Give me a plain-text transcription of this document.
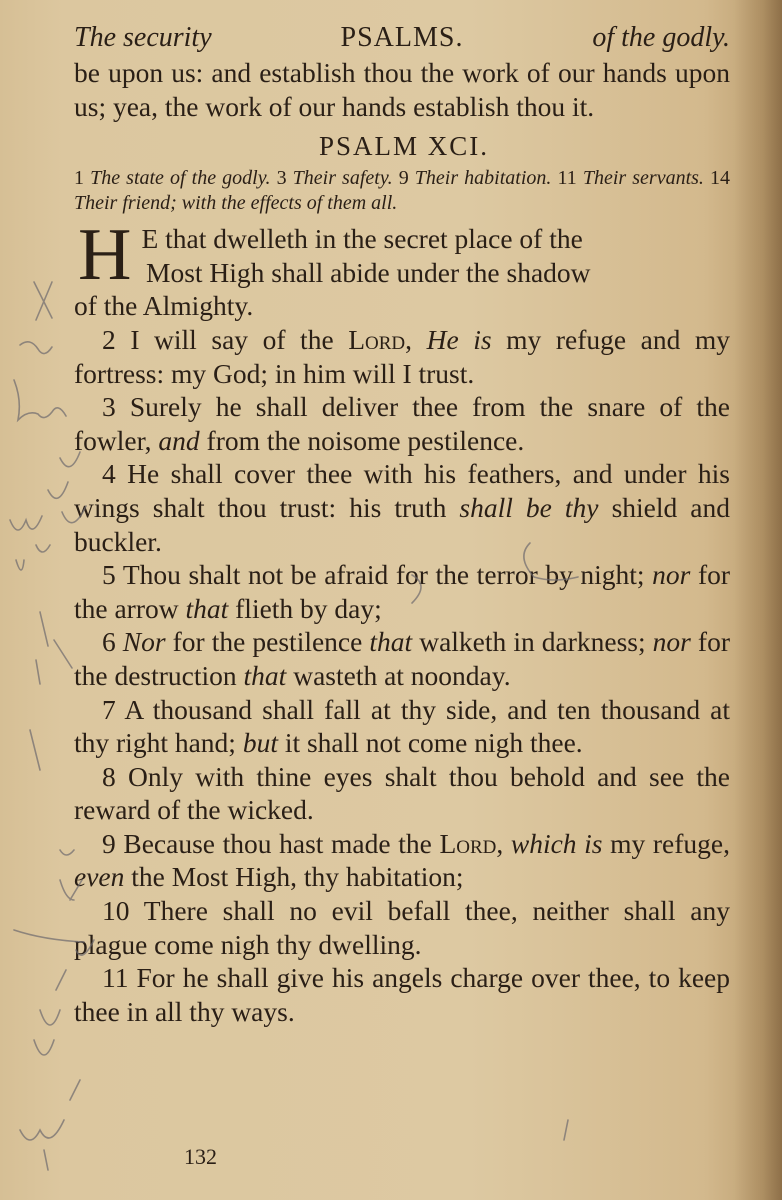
The security	PSALMS.	of the godly.

be upon us: and establish thou the work of our hands upon us; yea, the work of our hands establish thou it.

PSALM XCI.

1 The state of the godly. 3 Their safety. 9 Their habitation. 11 Their servants. 14 Their friend; with the effects of them all.

H E that dwelleth in the secret place of the
Most High shall abide under the shadow
of the Almighty.

2 I will say of the Lord, He is my refuge and my fortress: my God; in him will I trust.

3 Surely he shall deliver thee from the snare of the fowler, and from the noisome pestilence.

4 He shall cover thee with his feathers, and under his wings shalt thou trust: his truth shall be thy shield and buckler.

5 Thou shalt not be afraid for the terror by night; nor for the arrow that flieth by day;

6 Nor for the pestilence that walketh in darkness; nor for the destruction that wasteth at noonday.

7 A thousand shall fall at thy side, and ten thousand at thy right hand; but it shall not come nigh thee.

8 Only with thine eyes shalt thou behold and see the reward of the wicked.

9 Because thou hast made the Lord, which is my refuge, even the Most High, thy habitation;

10 There shall no evil befall thee, neither shall any plague come nigh thy dwelling.

11 For he shall give his angels charge over thee, to keep thee in all thy ways.

132
